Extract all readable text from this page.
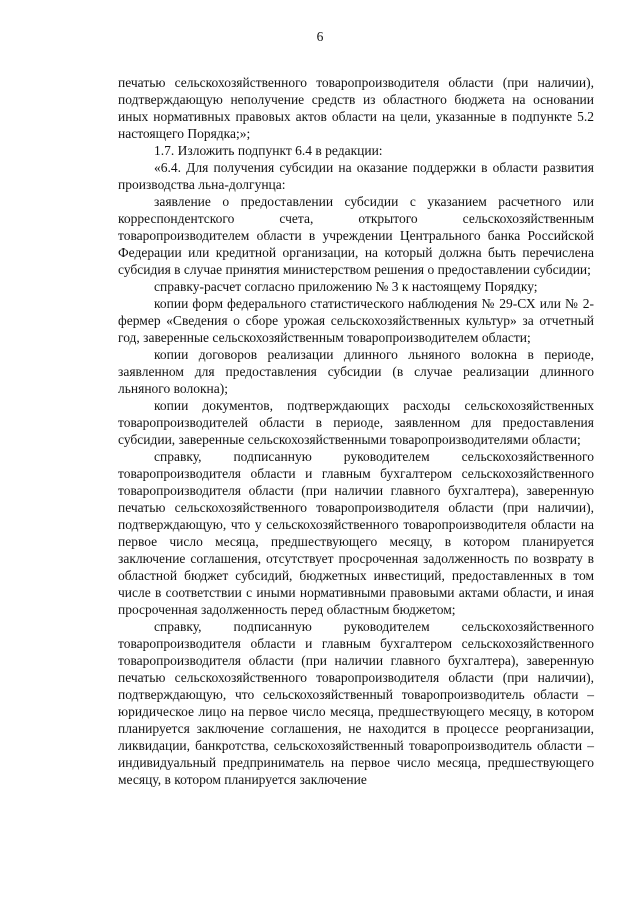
6

печатью сельскохозяйственного товаропроизводителя области (при наличии), подтверждающую неполучение средств из областного бюджета на основании иных нормативных правовых актов области на цели, указанные в подпункте 5.2 настоящего Порядка;»;

1.7. Изложить подпункт 6.4 в редакции:

«6.4. Для получения субсидии на оказание поддержки в области развития производства льна-долгунца:

заявление о предоставлении субсидии с указанием расчетного или корреспондентского счета, открытого сельскохозяйственным товаропроизводителем области в учреждении Центрального банка Российской Федерации или кредитной организации, на который должна быть перечислена субсидия в случае принятия министерством решения о предоставлении субсидии;

справку-расчет согласно приложению № 3 к настоящему Порядку;

копии форм федерального статистического наблюдения № 29-СХ или № 2-фермер «Сведения о сборе урожая сельскохозяйственных культур» за отчетный год, заверенные сельскохозяйственным товаропроизводителем области;

копии договоров реализации длинного льняного волокна в периоде, заявленном для предоставления субсидии (в случае реализации длинного льняного волокна);

копии документов, подтверждающих расходы сельскохозяйственных товаропроизводителей области в периоде, заявленном для предоставления субсидии, заверенные сельскохозяйственными товаропроизводителями области;

справку, подписанную руководителем сельскохозяйственного товаропроизводителя области и главным бухгалтером сельскохозяйственного товаропроизводителя области (при наличии главного бухгалтера), заверенную печатью сельскохозяйственного товаропроизводителя области (при наличии), подтверждающую, что у сельскохозяйственного товаропроизводителя области на первое число месяца, предшествующего месяцу, в котором планируется заключение соглашения, отсутствует просроченная задолженность по возврату в областной бюджет субсидий, бюджетных инвестиций, предоставленных в том числе в соответствии с иными нормативными правовыми актами области, и иная просроченная задолженность перед областным бюджетом;

справку, подписанную руководителем сельскохозяйственного товаропроизводителя области и главным бухгалтером сельскохозяйственного товаропроизводителя области (при наличии главного бухгалтера), заверенную печатью сельскохозяйственного товаропроизводителя области (при наличии), подтверждающую, что сельскохозяйственный товаропроизводитель области – юридическое лицо на первое число месяца, предшествующего месяцу, в котором планируется заключение соглашения, не находится в процессе реорганизации, ликвидации, банкротства, сельскохозяйственный товаропроизводитель области – индивидуальный предприниматель на первое число месяца, предшествующего месяцу, в котором планируется заключение
